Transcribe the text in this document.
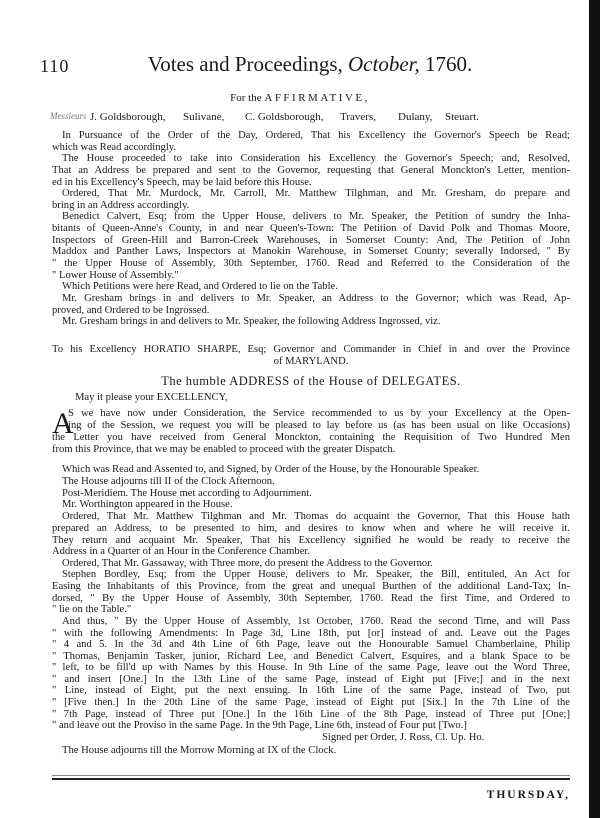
110	Votes and Proceedings, October, 1760.
For the AFFIRMATIVE,
Messieurs J. Goldsborough, Sulivane, C. Goldsborough, Travers, Dulany, Steuart.
In Pursuance of the Order of the Day, Ordered, That his Excellency the Governor's Speech be Read;
which was Read accordingly.
The House proceeded to take into Consideration his Excellency the Governor's Speech; and, Resolved,
That an Address be prepared and sent to the Governor, requesting that General Monckton's Letter, mention-
ed in his Excellency's Speech, may be laid before this House.
Ordered, That Mr. Murdock, Mr. Carroll, Mr. Matthew Tilghman, and Mr. Gresham, do prepare and
bring in an Address accordingly.
Benedict Calvert, Esq; from the Upper House, delivers to Mr. Speaker, the Petition of sundry the Inha-
bitants of Queen-Anne's County, in and near Queen's-Town: The Petition of David Polk and Thomas Moore,
Inspectors of Green-Hill and Barron-Creek Warehouses, in Somerset County: And, The Petition of John
Maddox and Panther Laws, Inspectors at Manokin Warehouse, in Somerset County; severally Indorsed, " By
" the Upper House of Assembly, 30th September, 1760. Read and Referred to the Consideration of the
" Lower House of Assembly."
Which Petitions were here Read, and Ordered to lie on the Table.
Mr. Gresham brings in and delivers to Mr. Speaker, an Address to the Governor; which was Read, Ap-
proved, and Ordered to be Ingrossed.
Mr. Gresham brings in and delivers to Mr. Speaker, the following Address Ingrossed, viz.
To his Excellency HORATIO SHARPE, Esq; Governor and Commander in Chief in and over the Province
of MARYLAND.
The humble ADDRESS of the House of DELEGATES.
May it please your EXCELLENCY,
S we have now under Consideration, the Service recommended to us by your Excellency at the Open-
ing of the Session, we request you will be pleased to lay before us (as has been usual on like Occasions)
the Letter you have received from General Monckton, containing the Requisition of Two Hundred Men
from this Province, that we may be enabled to proceed with the greater Dispatch.
Which was Read and Assented to, and Signed, by Order of the House, by the Honourable Speaker.
The House adjourns till II of the Clock Afternoon.
Post-Meridiem. The House met according to Adjournment.
Mr. Worthington appeared in the House.
Ordered, That Mr. Matthew Tilghman and Mr. Thomas do acquaint the Governor, That this House hath
prepared an Address, to be presented to him, and desires to know when and where he will receive it.
They return and acquaint Mr. Speaker, That his Excellency signified he would be ready to receive the
Address in a Quarter of an Hour in the Conference Chamber.
Ordered, That Mr. Gassaway, with Three more, do present the Address to the Governor.
Stephen Bordley, Esq; from the Upper House, delivers to Mr. Speaker, the Bill, entituled, An Act for
Easing the Inhabitants of this Province, from the great and unequal Burthen of the additional Land-Tax; In-
dorsed, " By the Upper House of Assembly, 30th September, 1760. Read the first Time, and Ordered to
" lie on the Table."
And thus, " By the Upper House of Assembly, 1st October, 1760. Read the second Time, and will Pass
" with the following Amendments: In Page 3d, Line 18th, put [or] instead of and. Leave out the Pages
" 4 and 5. In the 3d and 4th Line of 6th Page, leave out the Honourable Samuel Chamberlaine, Philip
" Thomas, Benjamin Tasker, junior, Richard Lee, and Benedict Calvert, Esquires, and a blank Space to be
" left, to be fill'd up with Names by this House. In 9th Line of the same Page, leave out the Word Three,
" and insert [One.] In the 13th Line of the same Page, instead of Eight put [Five;] and in the next
" Line, instead of Eight, put the next ensuing. In 16th Line of the same Page, instead of Two, put
" [Five then.] In the 20th Line of the same Page, instead of Eight put [Six.] In the 7th Line of the
" 7th Page, instead of Three put [One.] In the 16th Line of the 8th Page, instead of Three put [One;]
" and leave out the Proviso in the same Page. In the 9th Page, Line 6th, instead of Four put [Two.]
Signed per Order, J. Ross, Cl. Up. Ho.
The House adjourns till the Morrow Morning at IX of the Clock.
A
THURSDAY,
